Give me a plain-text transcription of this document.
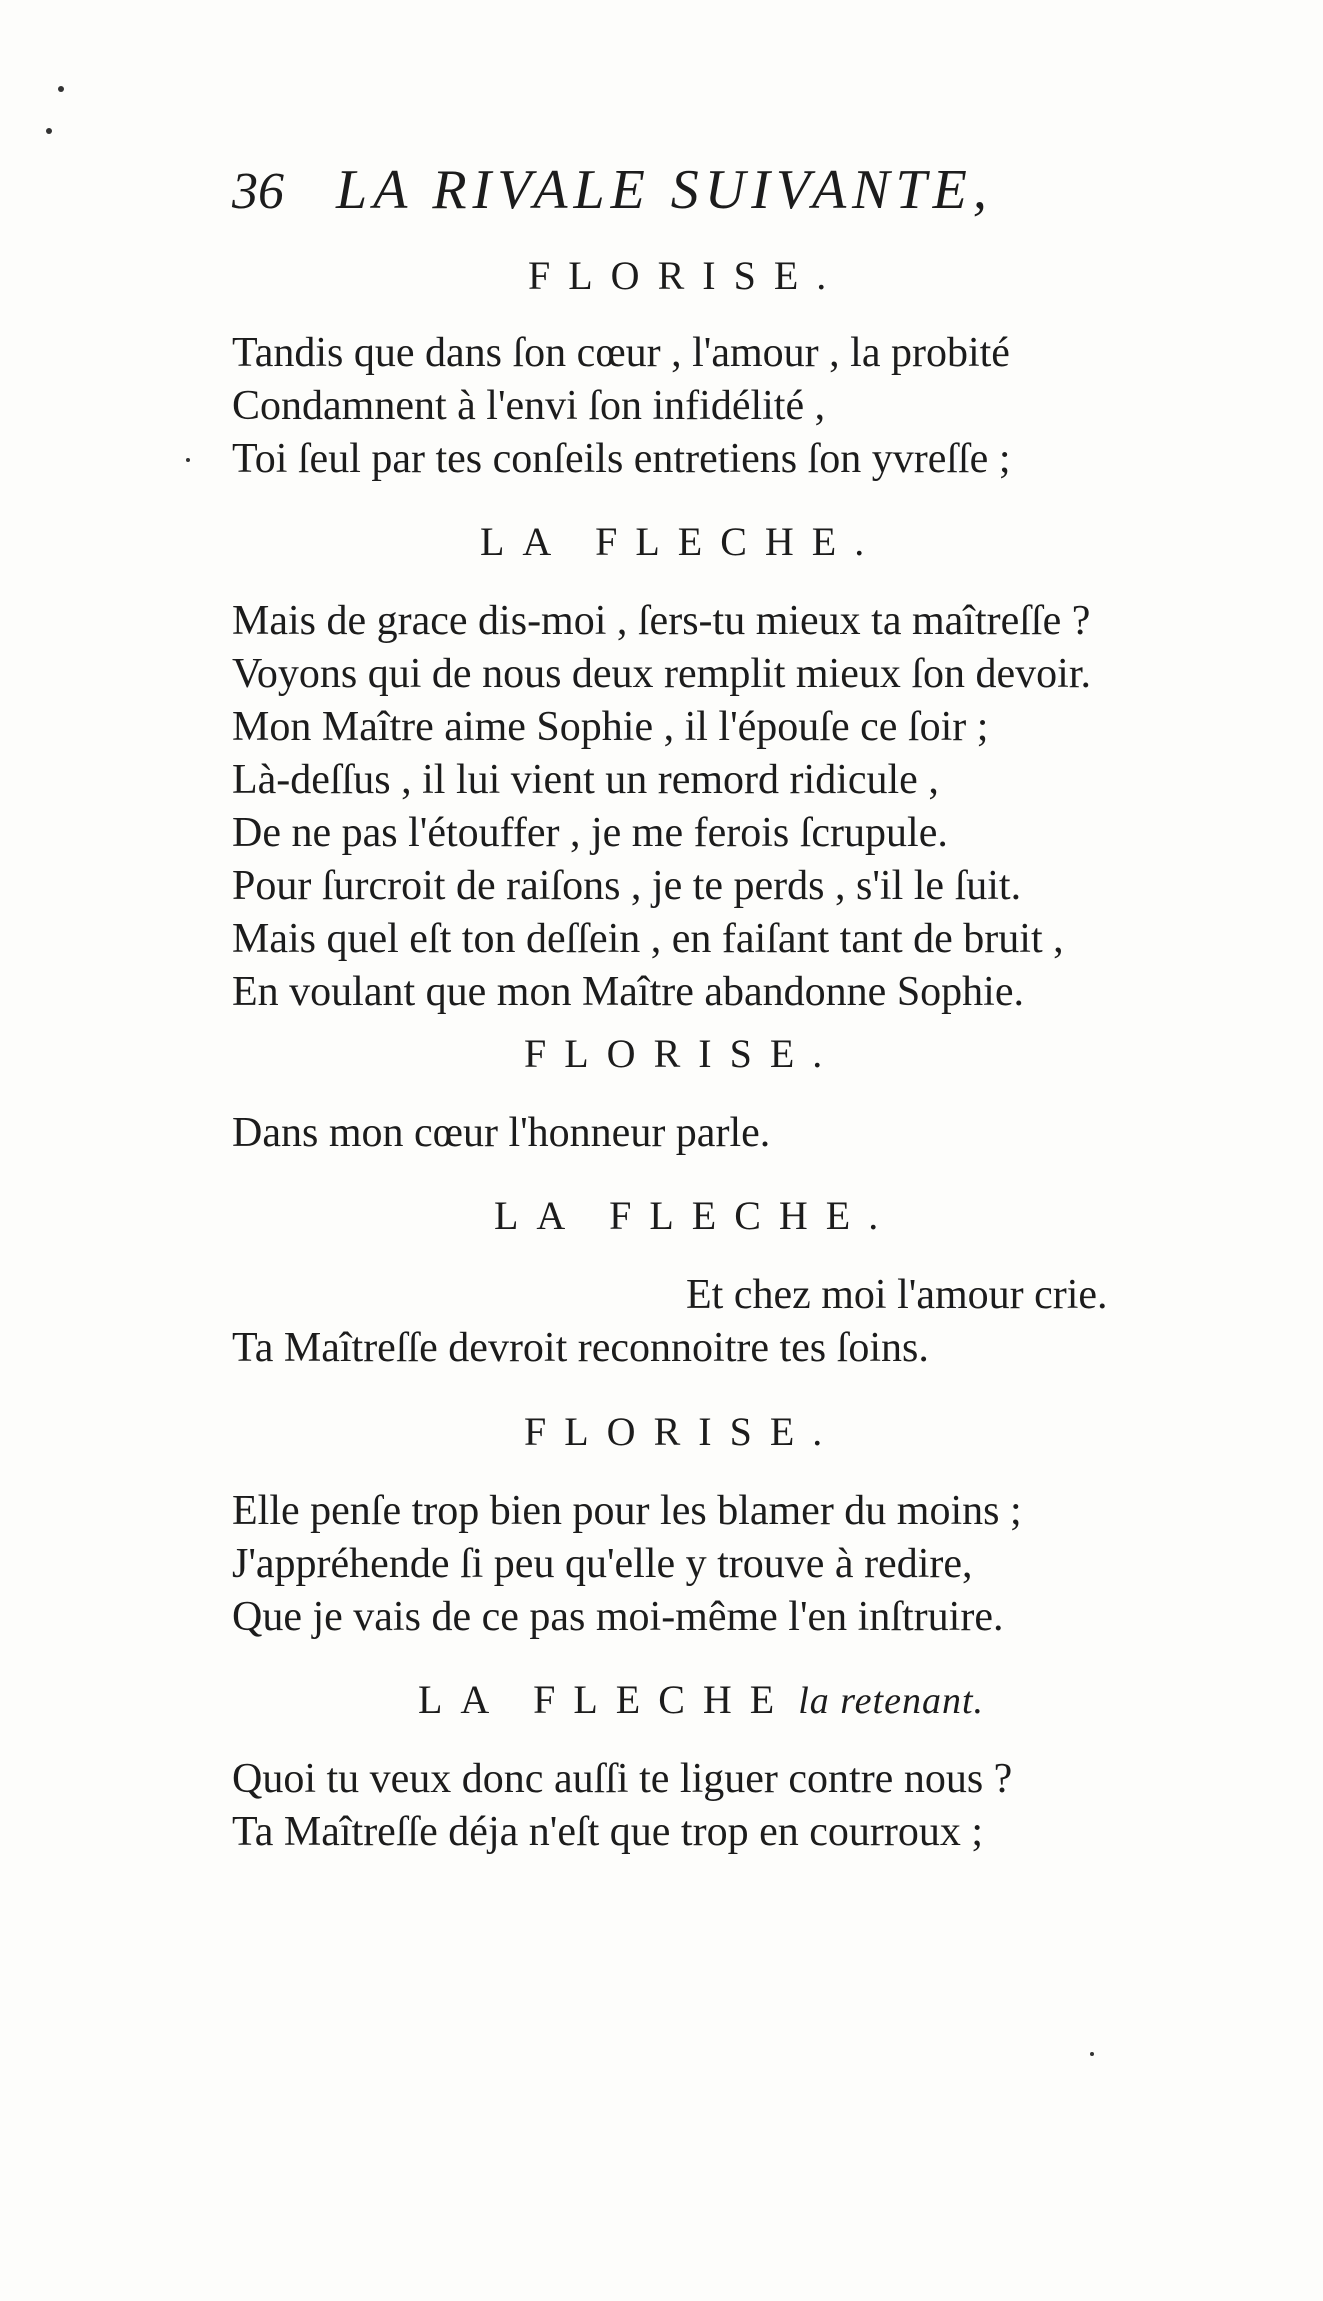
36 LA RIVALE SUIVANTE,
FLORISE.
Tandis que dans ſon cœur , l'amour , la probité
Condamnent à l'envi ſon infidélité ,
Toi ſeul par tes conſeils entretiens ſon yvreſſe ;
LA FLECHE.
Mais de grace dis-moi , ſers-tu mieux ta maîtreſſe ?
Voyons qui de nous deux remplit mieux ſon devoir.
Mon Maître aime Sophie , il l'épouſe ce ſoir ;
Là-deſſus , il lui vient un remord ridicule ,
De ne pas l'étouffer , je me ferois ſcrupule.
Pour ſurcroit de raiſons , je te perds , s'il le ſuit.
Mais quel eſt ton deſſein , en faiſant tant de bruit ,
En voulant que mon Maître abandonne Sophie.
FLORISE.
Dans mon cœur l'honneur parle.
LA FLECHE.
Et chez moi l'amour crie.
Ta Maîtreſſe devroit reconnoitre tes ſoins.
FLORISE.
Elle penſe trop bien pour les blamer du moins ;
J'appréhende ſi peu qu'elle y trouve à redire,
Que je vais de ce pas moi-même l'en inſtruire.
LA FLECHE la retenant.
Quoi tu veux donc auſſi te liguer contre nous ?
Ta Maîtreſſe déja n'eſt que trop en courroux ;
